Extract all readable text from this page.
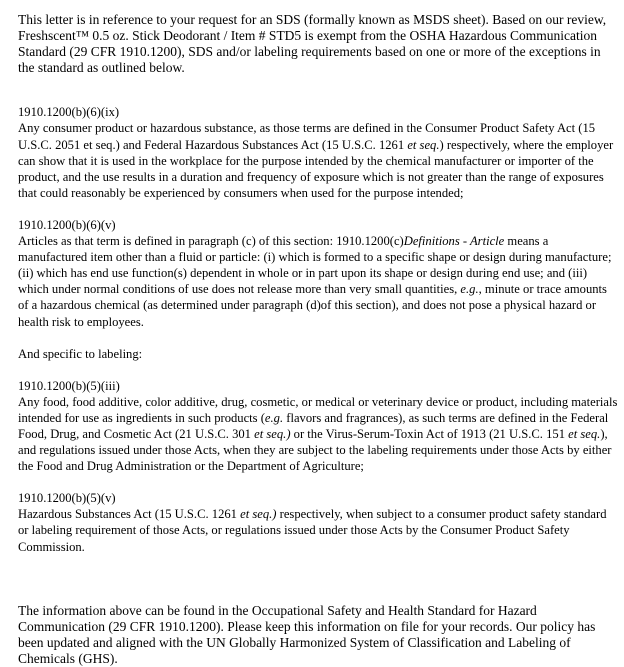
This letter is in reference to your request for an SDS (formally known as MSDS sheet). Based on our review, Freshscent™ 0.5 oz. Stick Deodorant / Item # STD5 is exempt from the OSHA Hazardous Communication Standard (29 CFR 1910.1200), SDS and/or labeling requirements based on one or more of the exceptions in the standard as outlined below.

1910.1200(b)(6)(ix)
Any consumer product or hazardous substance, as those terms are defined in the Consumer Product Safety Act (15 U.S.C. 2051 et seq.) and Federal Hazardous Substances Act (15 U.S.C. 1261 et seq.) respectively, where the employer can show that it is used in the workplace for the purpose intended by the chemical manufacturer or importer of the product, and the use results in a duration and frequency of exposure which is not greater than the range of exposures that could reasonably be experienced by consumers when used for the purpose intended;
1910.1200(b)(6)(v)
Articles as that term is defined in paragraph (c) of this section: 1910.1200(c)Definitions - Article means a manufactured item other than a fluid or particle: (i) which is formed to a specific shape or design during manufacture; (ii) which has end use function(s) dependent in whole or in part upon its shape or design during end use; and (iii) which under normal conditions of use does not release more than very small quantities, e.g., minute or trace amounts of a hazardous chemical (as determined under paragraph (d)of this section), and does not pose a physical hazard or health risk to employees.

And specific to labeling:

1910.1200(b)(5)(iii)
Any food, food additive, color additive, drug, cosmetic, or medical or veterinary device or product, including materials intended for use as ingredients in such products (e.g. flavors and fragrances), as such terms are defined in the Federal Food, Drug, and Cosmetic Act (21 U.S.C. 301 et seq.) or the Virus-Serum-Toxin Act of 1913 (21 U.S.C. 151 et seq.), and regulations issued under those Acts, when they are subject to the labeling requirements under those Acts by either the Food and Drug Administration or the Department of Agriculture;
1910.1200(b)(5)(v)
Hazardous Substances Act (15 U.S.C. 1261 et seq.) respectively, when subject to a consumer product safety standard or labeling requirement of those Acts, or regulations issued under those Acts by the Consumer Product Safety Commission.

The information above can be found in the Occupational Safety and Health Standard for Hazard Communication (29 CFR 1910.1200). Please keep this information on file for your records. Our policy has been updated and aligned with the UN Globally Harmonized System of Classification and Labeling of Chemicals (GHS).
